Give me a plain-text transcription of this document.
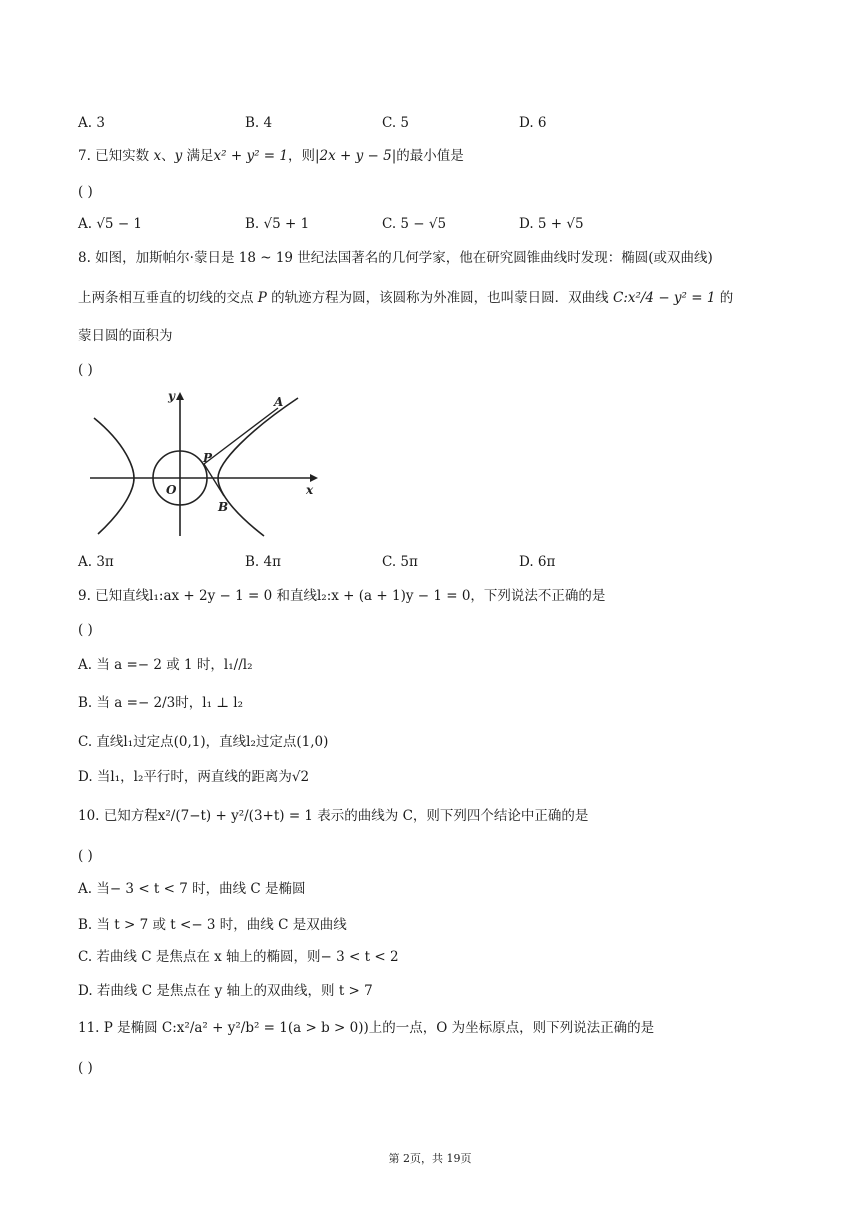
A. 3	B. 4	C. 5	D. 6
7. 已知实数 x、y 满足x² + y² = 1，则|2x + y − 5|的最小值是
( )
A. √5 − 1	B. √5 + 1	C. 5 − √5	D. 5 + √5
8. 如图，加斯帕尔·蒙日是 18 ~ 19 世纪法国著名的几何学家，他在研究圆锥曲线时发现：椭圆(或双曲线)
上两条相互垂直的切线的交点 P 的轨迹方程为圆，该圆称为外准圆，也叫蒙日圆．双曲线 C:x²/4 − y² = 1 的
蒙日圆的面积为
( )
y
x
O
P
A
B
A. 3π	B. 4π	C. 5π	D. 6π
9. 已知直线l₁:ax + 2y − 1 = 0 和直线l₂:x + (a + 1)y − 1 = 0，下列说法不正确的是
( )
A. 当 a =− 2 或 1 时，l₁//l₂
B. 当 a =− 2/3时，l₁ ⊥ l₂
C. 直线l₁过定点(0,1)，直线l₂过定点(1,0)
D. 当l₁，l₂平行时，两直线的距离为√2
10. 已知方程x²/(7−t) + y²/(3+t) = 1 表示的曲线为 C，则下列四个结论中正确的是
( )
A. 当− 3 < t < 7 时，曲线 C 是椭圆
B. 当 t > 7 或 t <− 3 时，曲线 C 是双曲线
C. 若曲线 C 是焦点在 x 轴上的椭圆，则− 3 < t < 2
D. 若曲线 C 是焦点在 y 轴上的双曲线，则 t > 7
11. P 是椭圆 C:x²/a² + y²/b² = 1(a > b > 0))上的一点，O 为坐标原点，则下列说法正确的是
( )
第 2页，共 19页
